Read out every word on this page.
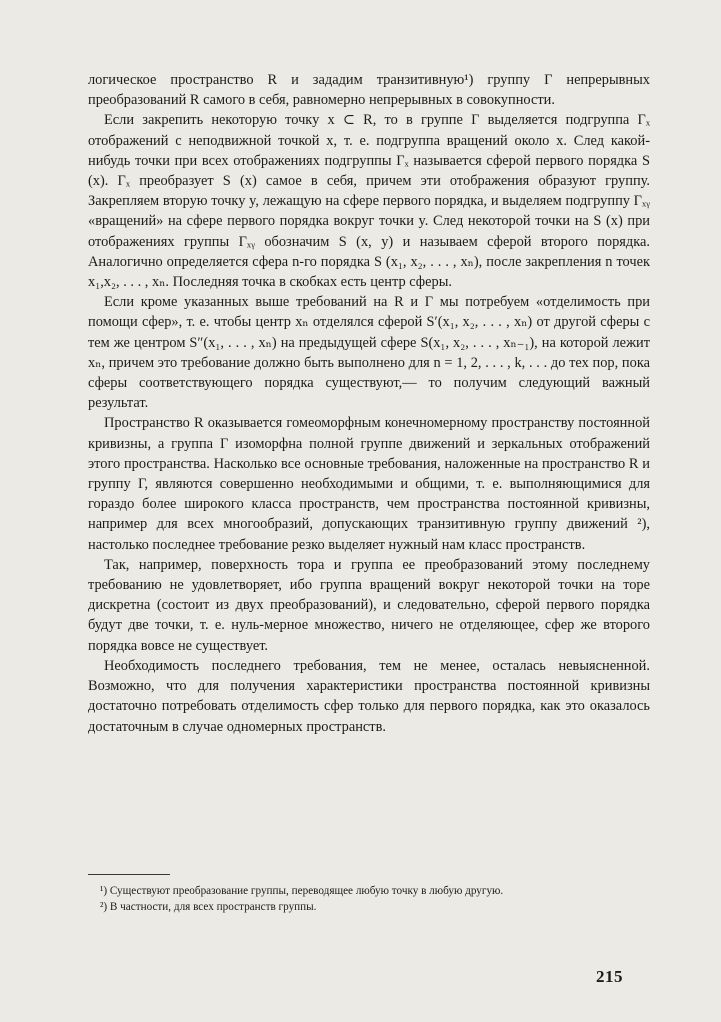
логическое пространство R и зададим транзитивную¹) группу Γ непрерывных преобразований R самого в себя, равномерно непрерывных в совокупности.

Если закрепить некоторую точку x ⊂ R, то в группе Γ выделяется подгруппа Γₓ отображений с неподвижной точкой x, т. е. подгруппа вращений около x. След какой-нибудь точки при всех отображениях подгруппы Γₓ называется сферой первого порядка S (x). Γₓ преобразует S (x) самое в себя, причем эти отображения образуют группу. Закрепляем вторую точку y, лежащую на сфере первого порядка, и выделяем подгруппу Γₓᵧ «вращений» на сфере первого порядка вокруг точки y. След некоторой точки на S (x) при отображениях группы Γₓᵧ обозначим S (x, y) и называем сферой второго порядка. Аналогично определяется сфера n-го порядка S (x₁, x₂, . . . , xₙ), после закрепления n точек x₁,x₂, . . . , xₙ. Последняя точка в скобках есть центр сферы.

Если кроме указанных выше требований на R и Γ мы потребуем «отделимость при помощи сфер», т. е. чтобы центр xₙ отделялся сферой S′(x₁, x₂, . . . , xₙ) от другой сферы с тем же центром S″(x₁, . . . , xₙ) на предыдущей сфере S(x₁, x₂, . . . , xₙ₋₁), на которой лежит xₙ, причем это требование должно быть выполнено для n = 1, 2, . . . , k, . . . до тех пор, пока сферы соответствующего порядка существуют,— то получим следующий важный результат.

Пространство R оказывается гомеоморфным конечномерному пространству постоянной кривизны, а группа Γ изоморфна полной группе движений и зеркальных отображений этого пространства. Насколько все основные требования, наложенные на пространство R и группу Γ, являются совершенно необходимыми и общими, т. е. выполняющимися для гораздо более широкого класса пространств, чем пространства постоянной кривизны, например для всех многообразий, допускающих транзитивную группу движений ²), настолько последнее требование резко выделяет нужный нам класс пространств.

Так, например, поверхность тора и группа ее преобразований этому последнему требованию не удовлетворяет, ибо группа вращений вокруг некоторой точки на торе дискретна (состоит из двух преобразований), и следовательно, сферой первого порядка будут две точки, т. е. нуль-мерное множество, ничего не отделяющее, сфер же второго порядка вовсе не существует.

Необходимость последнего требования, тем не менее, осталась невыясненной. Возможно, что для получения характеристики пространства постоянной кривизны достаточно потребовать отделимость сфер только для первого порядка, как это оказалось достаточным в случае одномерных пространств.

¹) Существуют преобразование группы, переводящее любую точку в любую другую.

²) В частности, для всех пространств группы.

215
